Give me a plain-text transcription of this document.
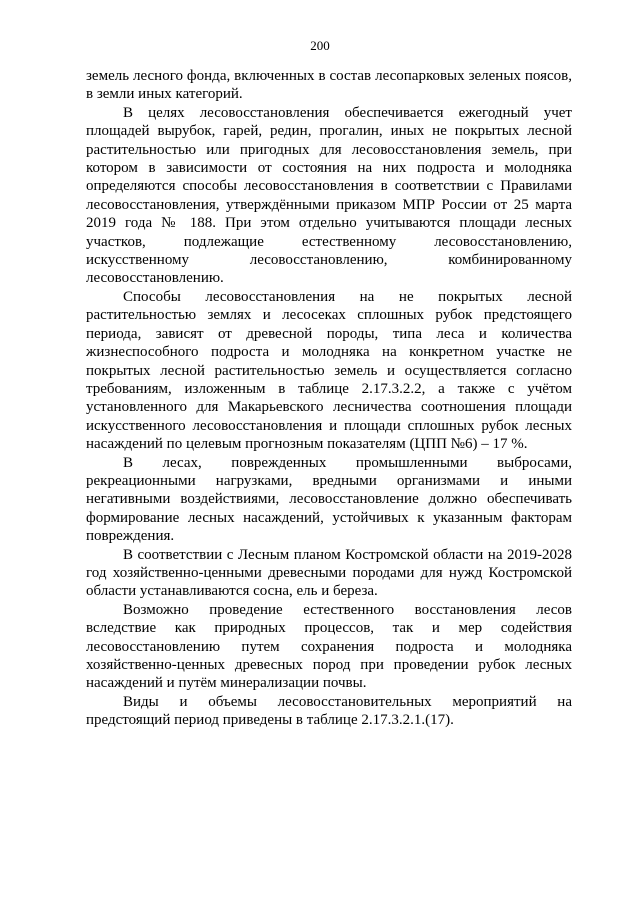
200

земель лесного фонда, включенных в состав лесопарковых зеленых поясов, в земли иных категорий.

В целях лесовосстановления обеспечивается ежегодный учет площадей вырубок, гарей, редин, прогалин, иных не покрытых лесной растительностью или пригодных для лесовосстановления земель, при котором в зависимости от состояния на них подроста и молодняка определяются способы лесовосстановления в соответствии с Правилами лесовосстановления, утверждёнными приказом МПР России от 25 марта 2019 года № 188. При этом отдельно учитываются площади лесных участков, подлежащие естественному лесовосстановлению, искусственному лесовосстановлению, комбинированному лесовосстановлению.

Способы лесовосстановления на не покрытых лесной растительностью землях и лесосеках сплошных рубок предстоящего периода, зависят от древесной породы, типа леса и количества жизнеспособного подроста и молодняка на конкретном участке не покрытых лесной растительностью земель и осуществляется согласно требованиям, изложенным в таблице 2.17.3.2.2, а также с учётом установленного для Макарьевского лесничества соотношения площади искусственного лесовосстановления и площади сплошных рубок лесных насаждений по целевым прогнозным показателям (ЦПП №6) – 17 %.

В лесах, поврежденных промышленными выбросами, рекреационными нагрузками, вредными организмами и иными негативными воздействиями, лесовосстановление должно обеспечивать формирование лесных насаждений, устойчивых к указанным факторам повреждения.

В соответствии с Лесным планом Костромской области на 2019-2028 год хозяйственно-ценными древесными породами для нужд Костромской области устанавливаются сосна, ель и береза.

Возможно проведение естественного восстановления лесов вследствие как природных процессов, так и мер содействия лесовосстановлению путем сохранения подроста и молодняка хозяйственно-ценных древесных пород при проведении рубок лесных насаждений и путём минерализации почвы.

Виды и объемы лесовосстановительных мероприятий на предстоящий период приведены в таблице 2.17.3.2.1.(17).
